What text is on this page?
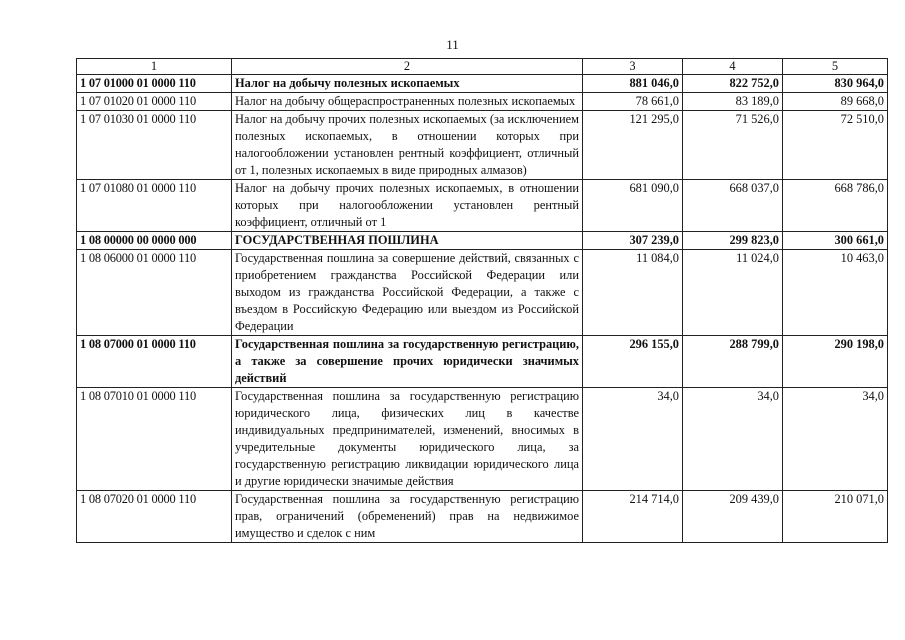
11
1	2	3	4	5
1 07 01000 01 0000 110	Налог на добычу полезных ископаемых	881 046,0	822 752,0	830 964,0
1 07 01020 01 0000 110	Налог на добычу общераспространенных полезных ископаемых	78 661,0	83 189,0	89 668,0
1 07 01030 01 0000 110	Налог на добычу прочих полезных ископаемых (за исключением полезных ископаемых, в отношении которых при налогообложении установлен рентный коэффициент, отличный от 1, полезных ископаемых в виде природных алмазов)	121 295,0	71 526,0	72 510,0
1 07 01080 01 0000 110	Налог на добычу прочих полезных ископаемых, в отношении которых при налогообложении установлен рентный коэффициент, отличный от 1	681 090,0	668 037,0	668 786,0
1 08 00000 00 0000 000	ГОСУДАРСТВЕННАЯ ПОШЛИНА	307 239,0	299 823,0	300 661,0
1 08 06000 01 0000 110	Государственная пошлина за совершение действий, связанных с приобретением гражданства Российской Федерации или выходом из гражданства Российской Федерации, а также с въездом в Российскую Федерацию или выездом из Российской Федерации	11 084,0	11 024,0	10 463,0
1 08 07000 01 0000 110	Государственная пошлина за государственную регистрацию, а также за совершение прочих юридически значимых действий	296 155,0	288 799,0	290 198,0
1 08 07010 01 0000 110	Государственная пошлина за государственную регистрацию юридического лица, физических лиц в качестве индивидуальных предпринимателей, изменений, вносимых в учредительные документы юридического лица, за государственную регистрацию ликвидации юридического лица и другие юридически значимые действия	34,0	34,0	34,0
1 08 07020 01 0000 110	Государственная пошлина за государственную регистрацию прав, ограничений (обременений) прав на недвижимое имущество и сделок с ним	214 714,0	209 439,0	210 071,0
